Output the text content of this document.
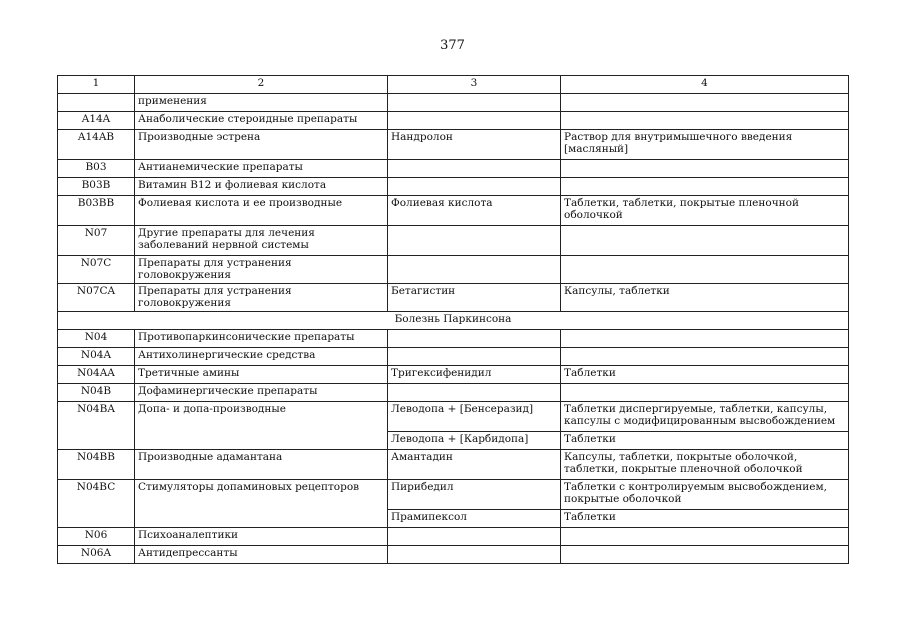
377
1	2	3	4
	применения		
A14A	Анаболические стероидные препараты		
A14AB	Производные эстрена	Нандролон	Раствор для внутримышечного введения [масляный]
B03	Антианемические препараты		
B03B	Витамин B12 и фолиевая кислота		
B03BB	Фолиевая кислота и ее производные	Фолиевая кислота	Таблетки, таблетки, покрытые пленочной оболочкой
N07	Другие препараты для лечения заболеваний нервной системы		
N07C	Препараты для устранения головокружения		
N07CA	Препараты для устранения головокружения	Бетагистин	Капсулы, таблетки
Болезнь Паркинсона			
N04	Противопаркинсонические препараты		
N04A	Антихолинергические средства		
N04AA	Третичные амины	Тригексифенидил	Таблетки
N04B	Дофаминергические препараты		
N04BA	Допа- и допа-производные	Леводопа + [Бенсеразид]	Таблетки диспергируемые, таблетки, капсулы, капсулы с модифицированным высвобождением
		Леводопа + [Карбидопа]	Таблетки
N04BB	Производные адамантана	Амантадин	Капсулы, таблетки, покрытые оболочкой, таблетки, покрытые пленочной оболочкой
N04BC	Стимуляторы допаминовых рецепторов	Пирибедил	Таблетки с контролируемым высвобождением, покрытые оболочкой
		Прамипексол	Таблетки
N06	Психоаналептики		
N06A	Антидепрессанты		
